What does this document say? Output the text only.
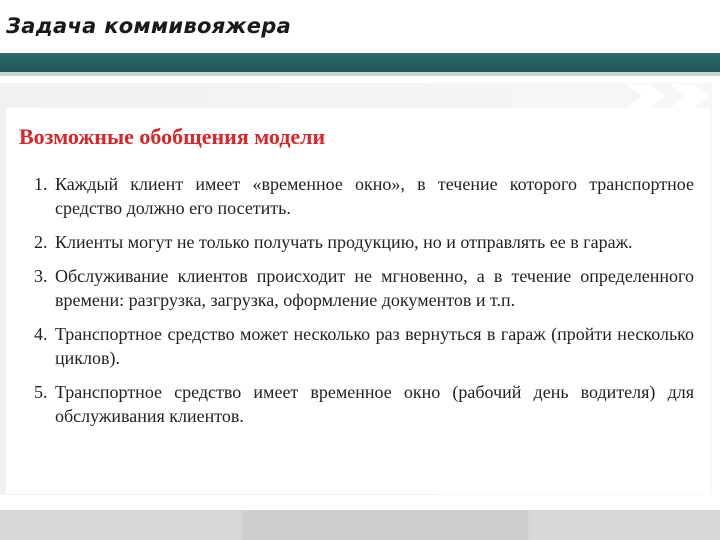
Задача коммивояжера
Возможные обобщения модели
1. Каждый клиент имеет «временное окно», в течение которого транспортное средство должно его посетить.
2. Клиенты могут не только получать продукцию, но и отправлять ее в гараж.
3. Обслуживание клиентов происходит не мгновенно, а в течение определенного времени: разгрузка, загрузка, оформление документов и т.п.
4. Транспортное средство может несколько раз вернуться в гараж (пройти несколько циклов).
5. Транспортное средство имеет временное окно (рабочий день водителя) для обслуживания клиентов.
